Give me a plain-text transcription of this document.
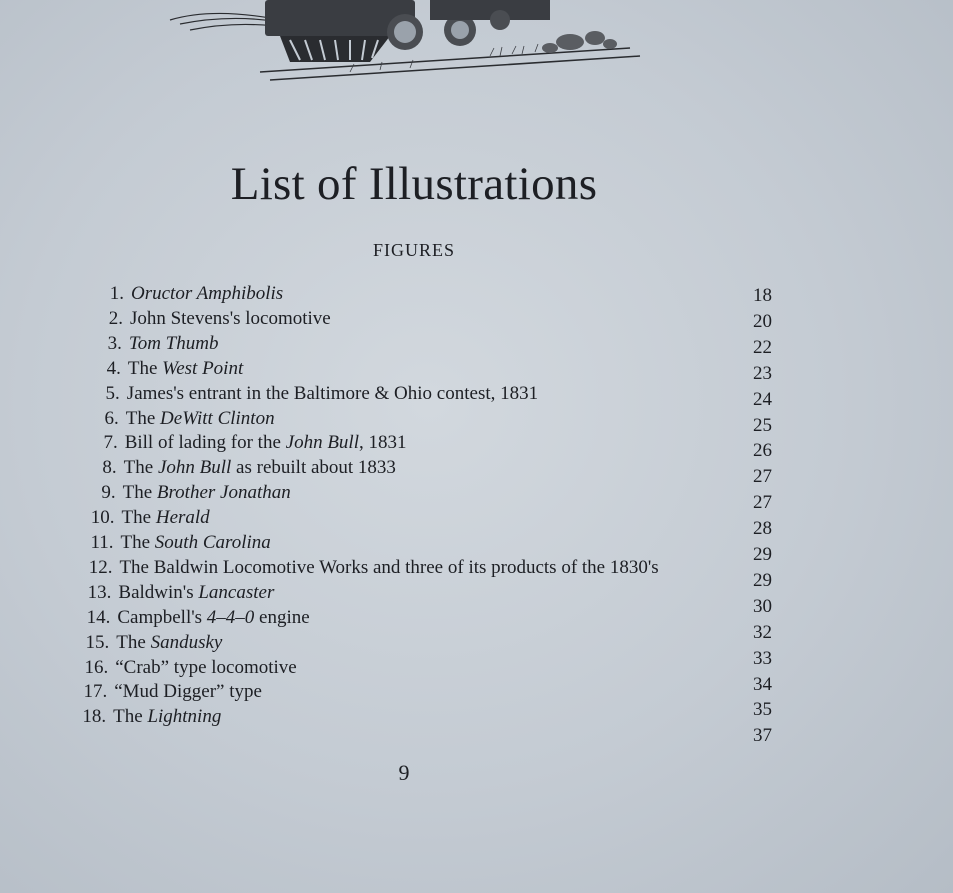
List of Illustrations
FIGURES
1. Oructor Amphibolis
2. John Stevens's locomotive
3. Tom Thumb
4. The West Point
5. James's entrant in the Baltimore & Ohio contest, 1831
6. The DeWitt Clinton
7. Bill of lading for the John Bull, 1831
8. The John Bull as rebuilt about 1833
9. The Brother Jonathan
10. The Herald
11. The South Carolina
12. The Baldwin Locomotive Works and three of its products of the 1830's
13. Baldwin's Lancaster
14. Campbell's 4–4–0 engine
15. The Sandusky
16. “Crab” type locomotive
17. “Mud Digger” type
18. The Lightning
18
20
22
23
24
25
26
27
27
28
29
29
30
32
33
34
35
37
9
